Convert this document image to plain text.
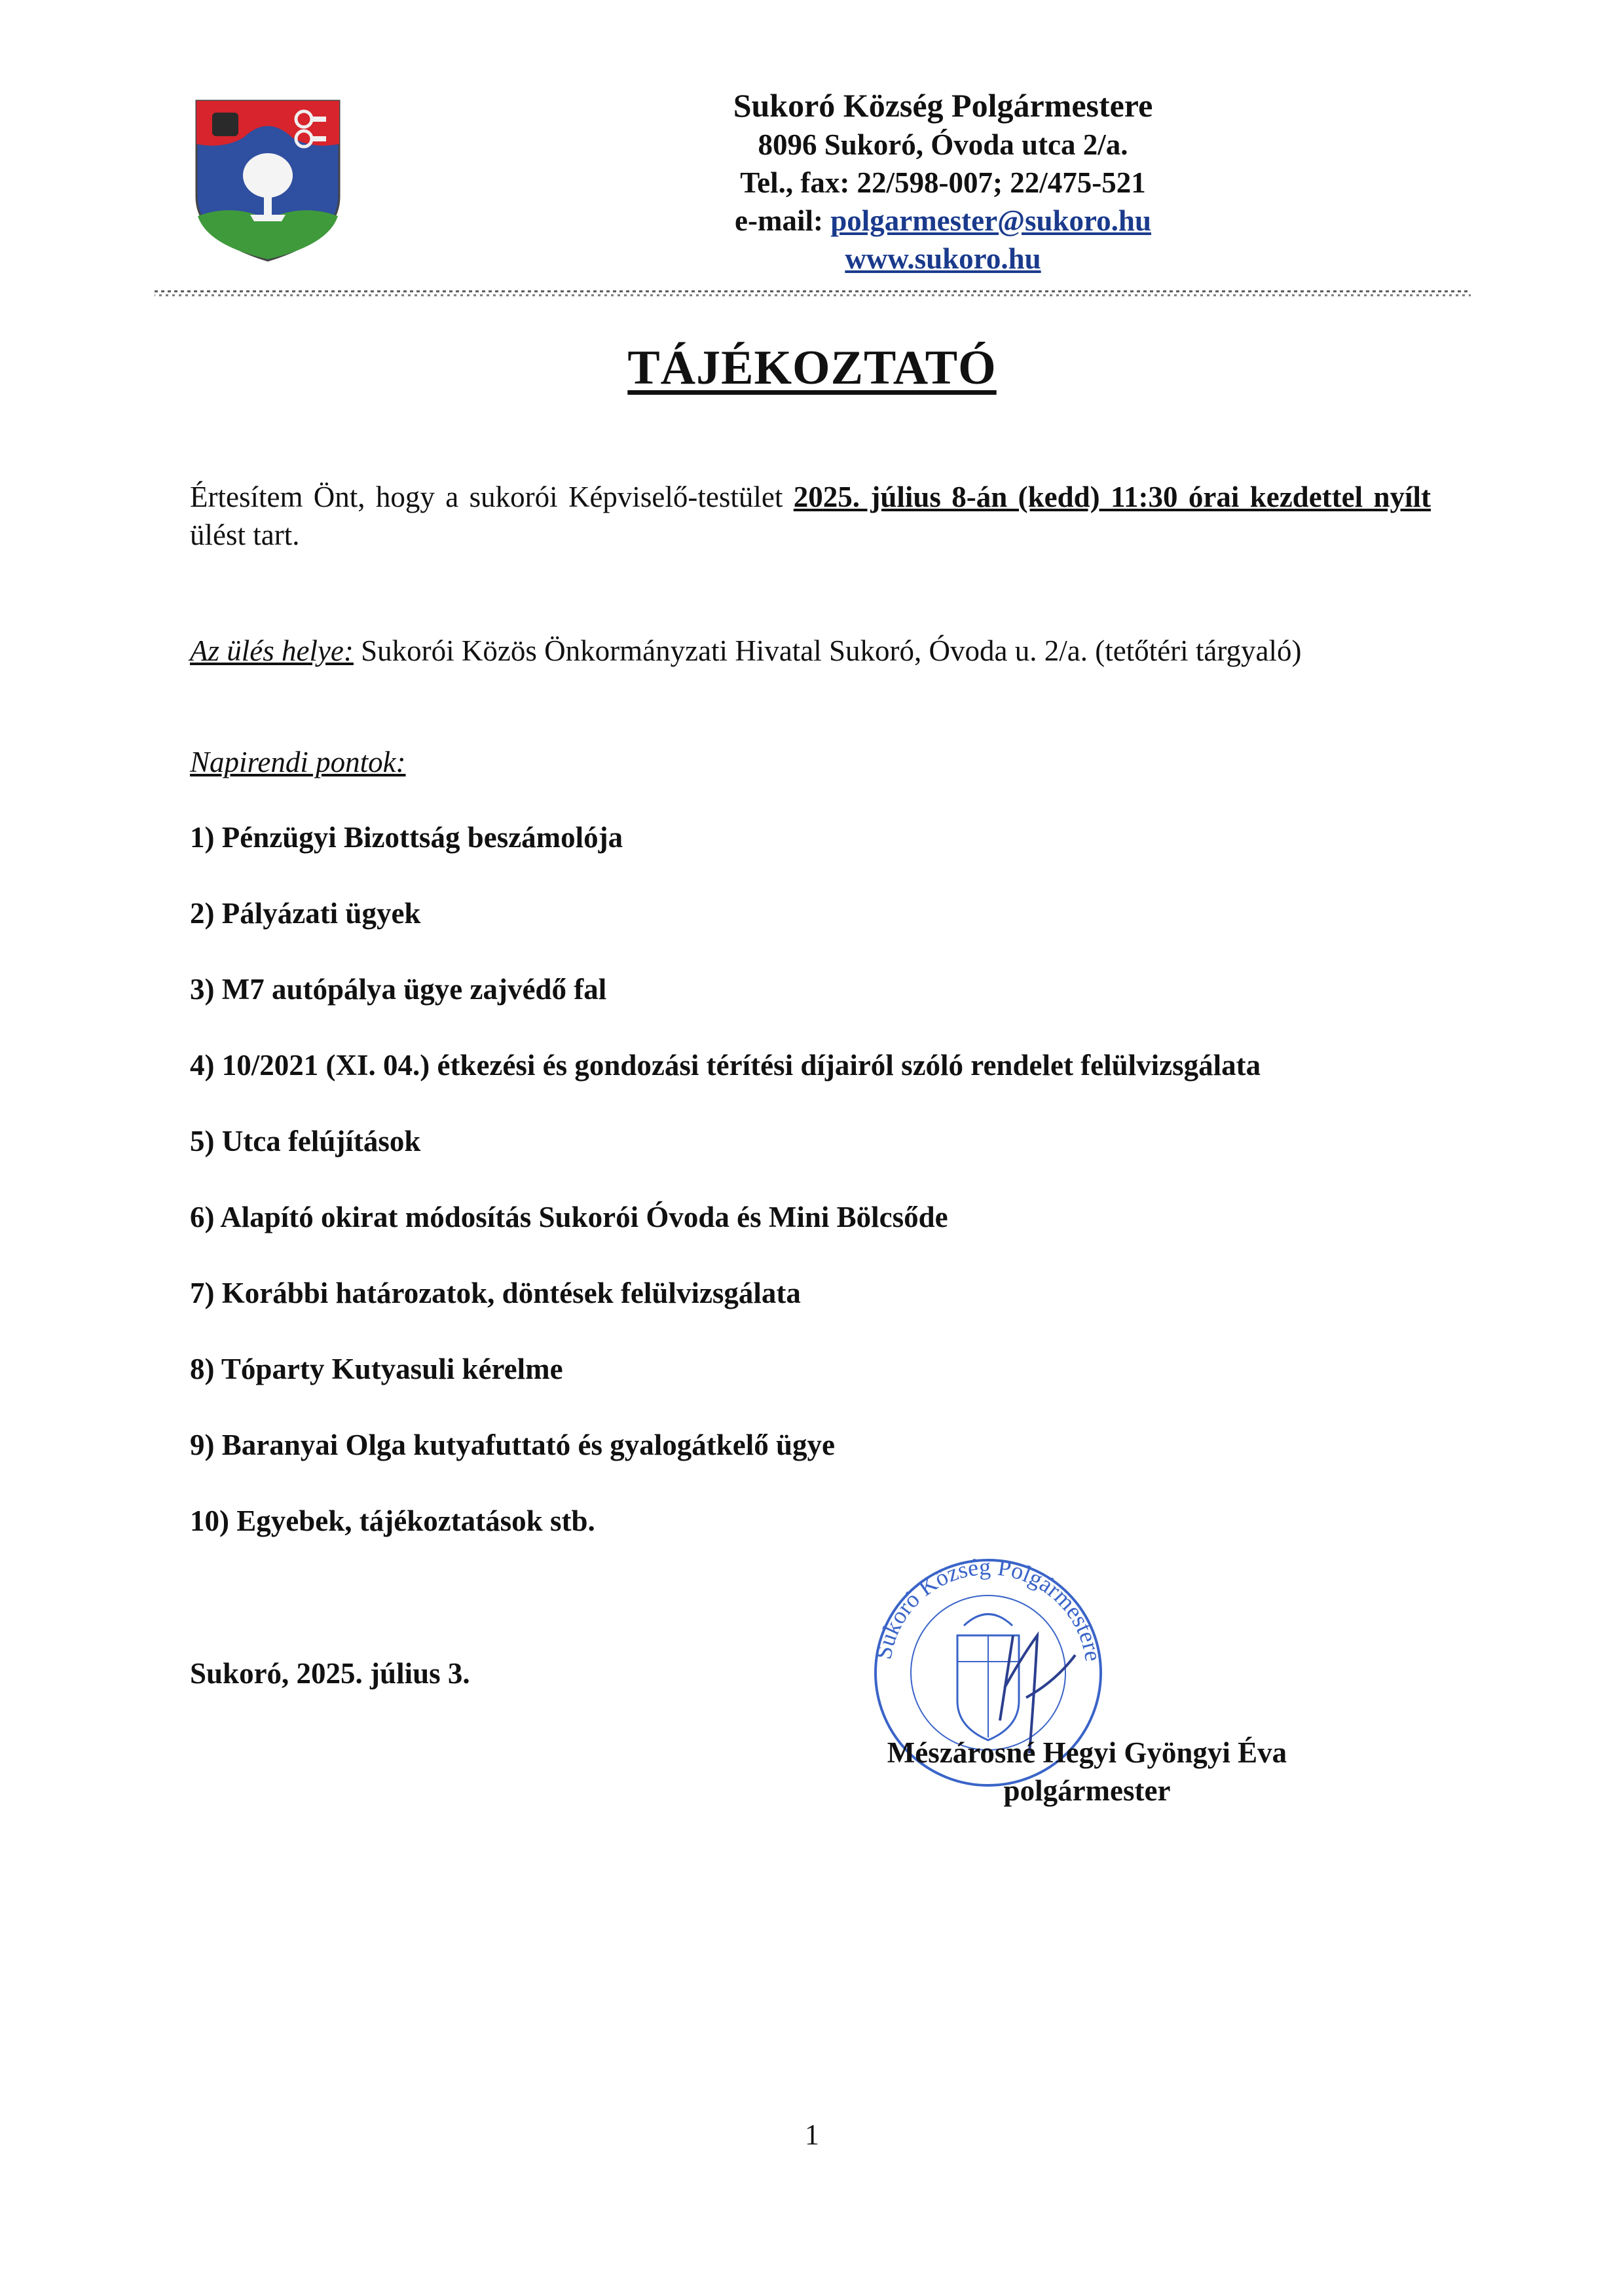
Sukoró Község Polgármestere
8096 Sukoró, Óvoda utca 2/a.
Tel., fax: 22/598-007; 22/475-521
e-mail: polgarmester@sukoro.hu
www.sukoro.hu
TÁJÉKOZTATÓ
Értesítem Önt, hogy a sukorói Képviselő-testület 2025. július 8-án (kedd) 11:30 órai kezdettel nyílt ülést tart.
Az ülés helye: Sukorói Közös Önkormányzati Hivatal Sukoró, Óvoda u. 2/a. (tetőtéri tárgyaló)
Napirendi pontok:
1) Pénzügyi Bizottság beszámolója
2) Pályázati ügyek
3) M7 autópálya ügye zajvédő fal
4) 10/2021 (XI. 04.) étkezési és gondozási térítési díjairól szóló rendelet felülvizsgálata
5) Utca felújítások
6) Alapító okirat módosítás Sukorói Óvoda és Mini Bölcsőde
7) Korábbi határozatok, döntések felülvizsgálata
8) Tóparty Kutyasuli kérelme
9) Baranyai Olga kutyafuttató és gyalogátkelő ügye
10) Egyebek, tájékoztatások stb.
Sukoró, 2025. július 3.
Sukoró Község Polgármestere
Mészárosné Hegyi Gyöngyi Éva
polgármester
1
